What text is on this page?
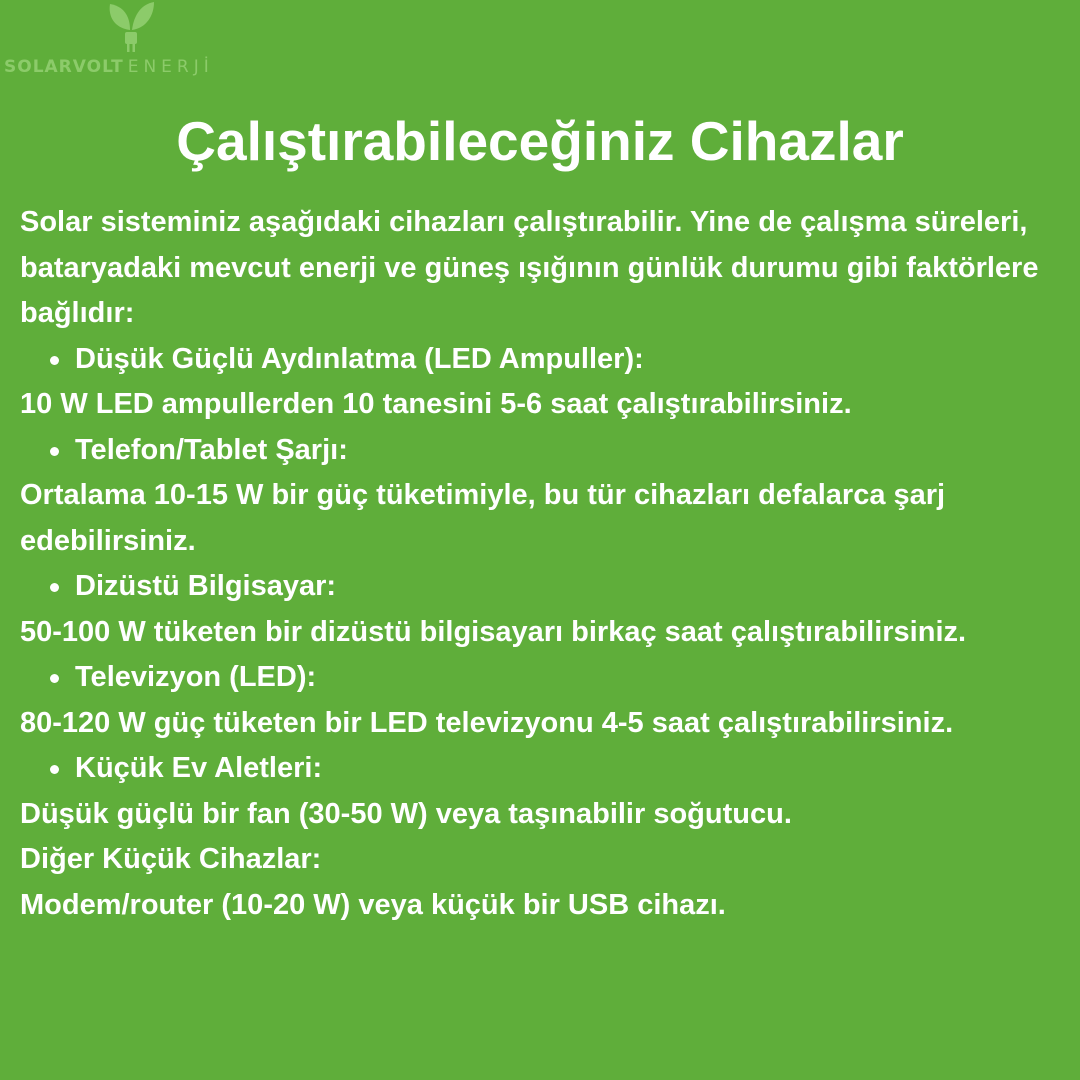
SOLARVOLT ENERJİ
Çalıştırabileceğiniz Cihazlar

Solar sisteminiz aşağıdaki cihazları çalıştırabilir. Yine de çalışma süreleri, bataryadaki mevcut enerji ve güneş ışığının günlük durumu gibi faktörlere bağlıdır:

Düşük Güçlü Aydınlatma (LED Ampuller):

10 W LED ampullerden 10 tanesini 5-6 saat çalıştırabilirsiniz.

Telefon/Tablet Şarjı:

Ortalama 10-15 W bir güç tüketimiyle, bu tür cihazları defalarca şarj edebilirsiniz.

Dizüstü Bilgisayar:

50-100 W tüketen bir dizüstü bilgisayarı birkaç saat çalıştırabilirsiniz.

Televizyon (LED):

80-120 W güç tüketen bir LED televizyonu 4-5 saat çalıştırabilirsiniz.

Küçük Ev Aletleri:

Düşük güçlü bir fan (30-50 W) veya taşınabilir soğutucu.

Diğer Küçük Cihazlar:

Modem/router (10-20 W) veya küçük bir USB cihazı.
